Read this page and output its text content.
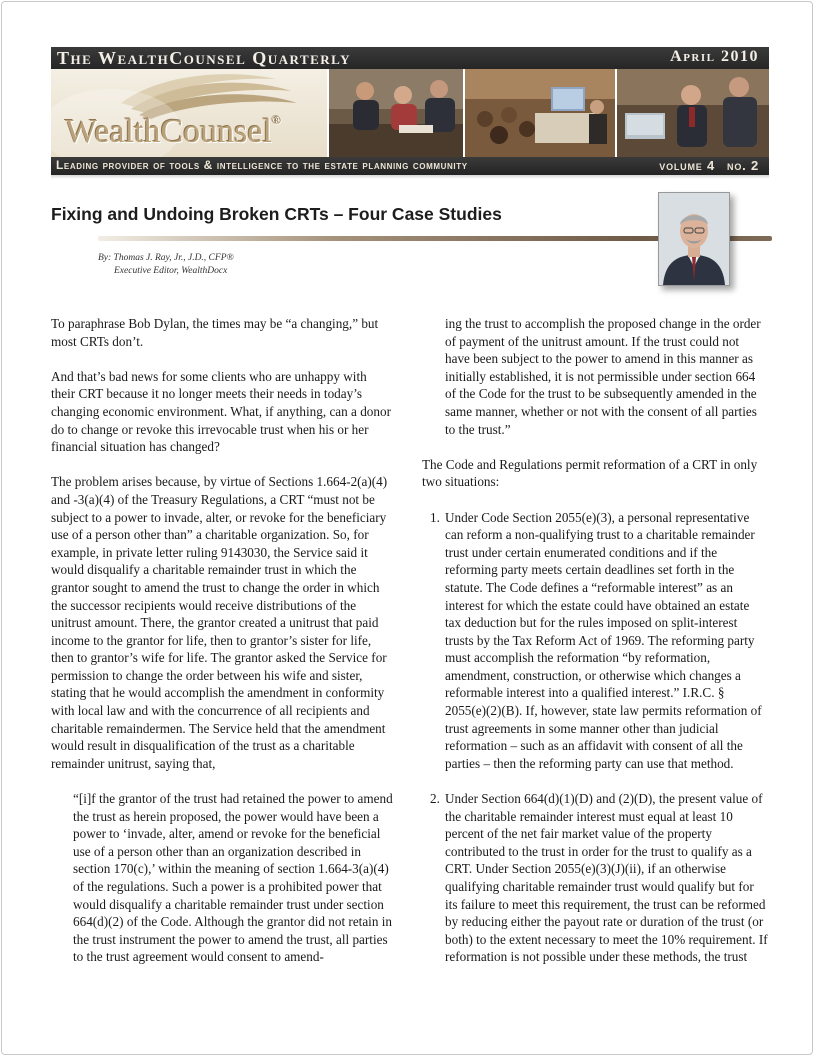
The WealthCounsel Quarterly	April 2010
WealthCounsel®
Leading provider of tools & intelligence to the estate planning community	volume 4 no. 2
Fixing and Undoing Broken CRTs – Four Case Studies
By: Thomas J. Ray, Jr., J.D., CFP®
Executive Editor, WealthDocx

To paraphrase Bob Dylan, the times may be “a changing,” but most CRTs don’t.

And that’s bad news for some clients who are unhappy with their CRT because it no longer meets their needs in today’s changing economic environment. What, if anything, can a donor do to change or revoke this irrevocable trust when his or her financial situation has changed?

The problem arises because, by virtue of Sections 1.664-2(a)(4) and -3(a)(4) of the Treasury Regulations, a CRT “must not be subject to a power to invade, alter, or revoke for the beneficiary use of a person other than” a charitable organization. So, for example, in private letter ruling 9143030, the Service said it would disqualify a charitable remainder trust in which the grantor sought to amend the trust to change the order in which the successor recipients would receive distributions of the unitrust amount. There, the grantor created a unitrust that paid income to the grantor for life, then to grantor’s sister for life, then to grantor’s wife for life. The grantor asked the Service for permission to change the order between his wife and sister, stating that he would accomplish the amendment in conformity with local law and with the concurrence of all recipients and charitable remaindermen. The Service held that the amendment would result in disqualification of the trust as a charitable remainder unitrust, saying that,

“[i]f the grantor of the trust had retained the power to amend the trust as herein proposed, the power would have been a power to ‘invade, alter, amend or revoke for the beneficial use of a person other than an organization described in section 170(c),’ within the meaning of section 1.664-3(a)(4) of the regulations. Such a power is a prohibited power that would disqualify a charitable remainder trust under section 664(d)(2) of the Code. Although the grantor did not retain in the trust instrument the power to amend the trust, all parties to the trust agreement would consent to amend-

ing the trust to accomplish the proposed change in the order of payment of the unitrust amount. If the trust could not have been subject to the power to amend in this manner as initially established, it is not permissible under section 664 of the Code for the trust to be subsequently amended in the same manner, whether or not with the consent of all parties to the trust.”

The Code and Regulations permit reformation of a CRT in only two situations:

1. Under Code Section 2055(e)(3), a personal representative can reform a non-qualifying trust to a charitable remainder trust under certain enumerated conditions and if the reforming party meets certain deadlines set forth in the statute. The Code defines a “reformable interest” as an interest for which the estate could have obtained an estate tax deduction but for the rules imposed on split-interest trusts by the Tax Reform Act of 1969. The reforming party must accomplish the reformation “by reformation, amendment, construction, or otherwise which changes a reformable interest into a qualified interest.” I.R.C. § 2055(e)(2)(B). If, however, state law permits reformation of trust agreements in some manner other than judicial reformation – such as an affidavit with consent of all the parties – then the reforming party can use that method.
2. Under Section 664(d)(1)(D) and (2)(D), the present value of the charitable remainder interest must equal at least 10 percent of the net fair market value of the property contributed to the trust in order for the trust to qualify as a CRT. Under Section 2055(e)(3)(J)(ii), if an otherwise qualifying charitable remainder trust would qualify but for its failure to meet this requirement, the trust can be reformed by reducing either the payout rate or duration of the trust (or both) to the extent necessary to meet the 10% requirement. If reformation is not possible under these methods, the trust
